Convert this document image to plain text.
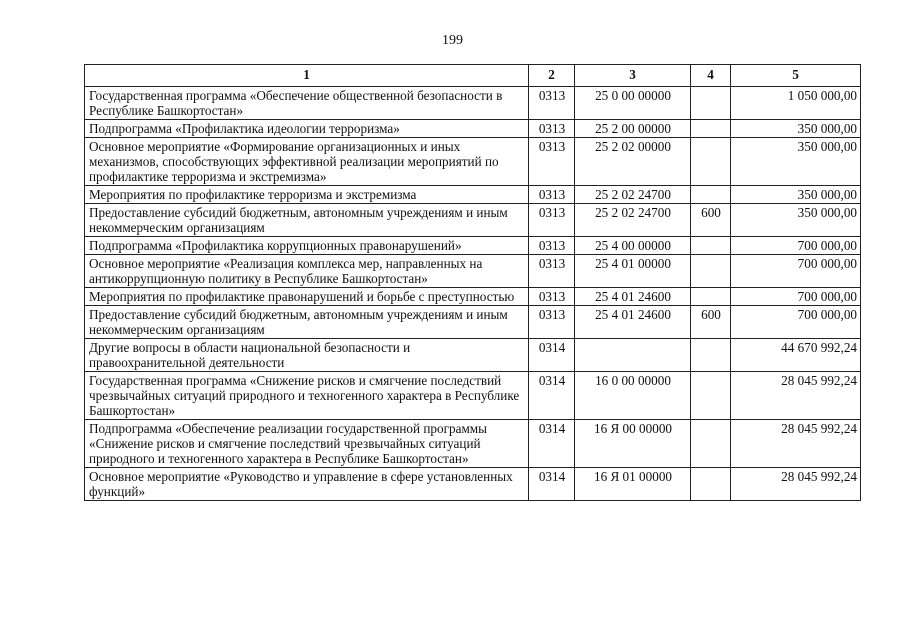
199
1	2	3	4	5
Государственная программа «Обеспечение общественной безопасности в Республике Башкортостан»	0313	25 0 00 00000		1 050 000,00
Подпрограмма «Профилактика идеологии терроризма»	0313	25 2 00 00000		350 000,00
Основное мероприятие «Формирование организационных и иных механизмов, способствующих эффективной реализации мероприятий по профилактике терроризма и экстремизма»	0313	25 2 02 00000		350 000,00
Мероприятия по профилактике терроризма и экстремизма	0313	25 2 02 24700		350 000,00
Предоставление субсидий бюджетным, автономным учреждениям и иным некоммерческим организациям	0313	25 2 02 24700	600	350 000,00
Подпрограмма «Профилактика коррупционных правонарушений»	0313	25 4 00 00000		700 000,00
Основное мероприятие «Реализация комплекса мер, направленных на антикоррупционную политику в Республике Башкортостан»	0313	25 4 01 00000		700 000,00
Мероприятия по профилактике правонарушений и борьбе с преступностью	0313	25 4 01 24600		700 000,00
Предоставление субсидий бюджетным, автономным учреждениям и иным некоммерческим организациям	0313	25 4 01 24600	600	700 000,00
Другие вопросы в области национальной безопасности и правоохранительной деятельности	0314			44 670 992,24
Государственная программа «Снижение рисков и смягчение последствий чрезвычайных ситуаций природного и техногенного характера в Республике Башкортостан»	0314	16 0 00 00000		28 045 992,24
Подпрограмма «Обеспечение реализации государственной программы «Снижение рисков и смягчение последствий чрезвычайных ситуаций природного и техногенного характера в Республике Башкортостан»	0314	16 Я 00 00000		28 045 992,24
Основное мероприятие «Руководство и управление в сфере установленных функций»	0314	16 Я 01 00000		28 045 992,24
